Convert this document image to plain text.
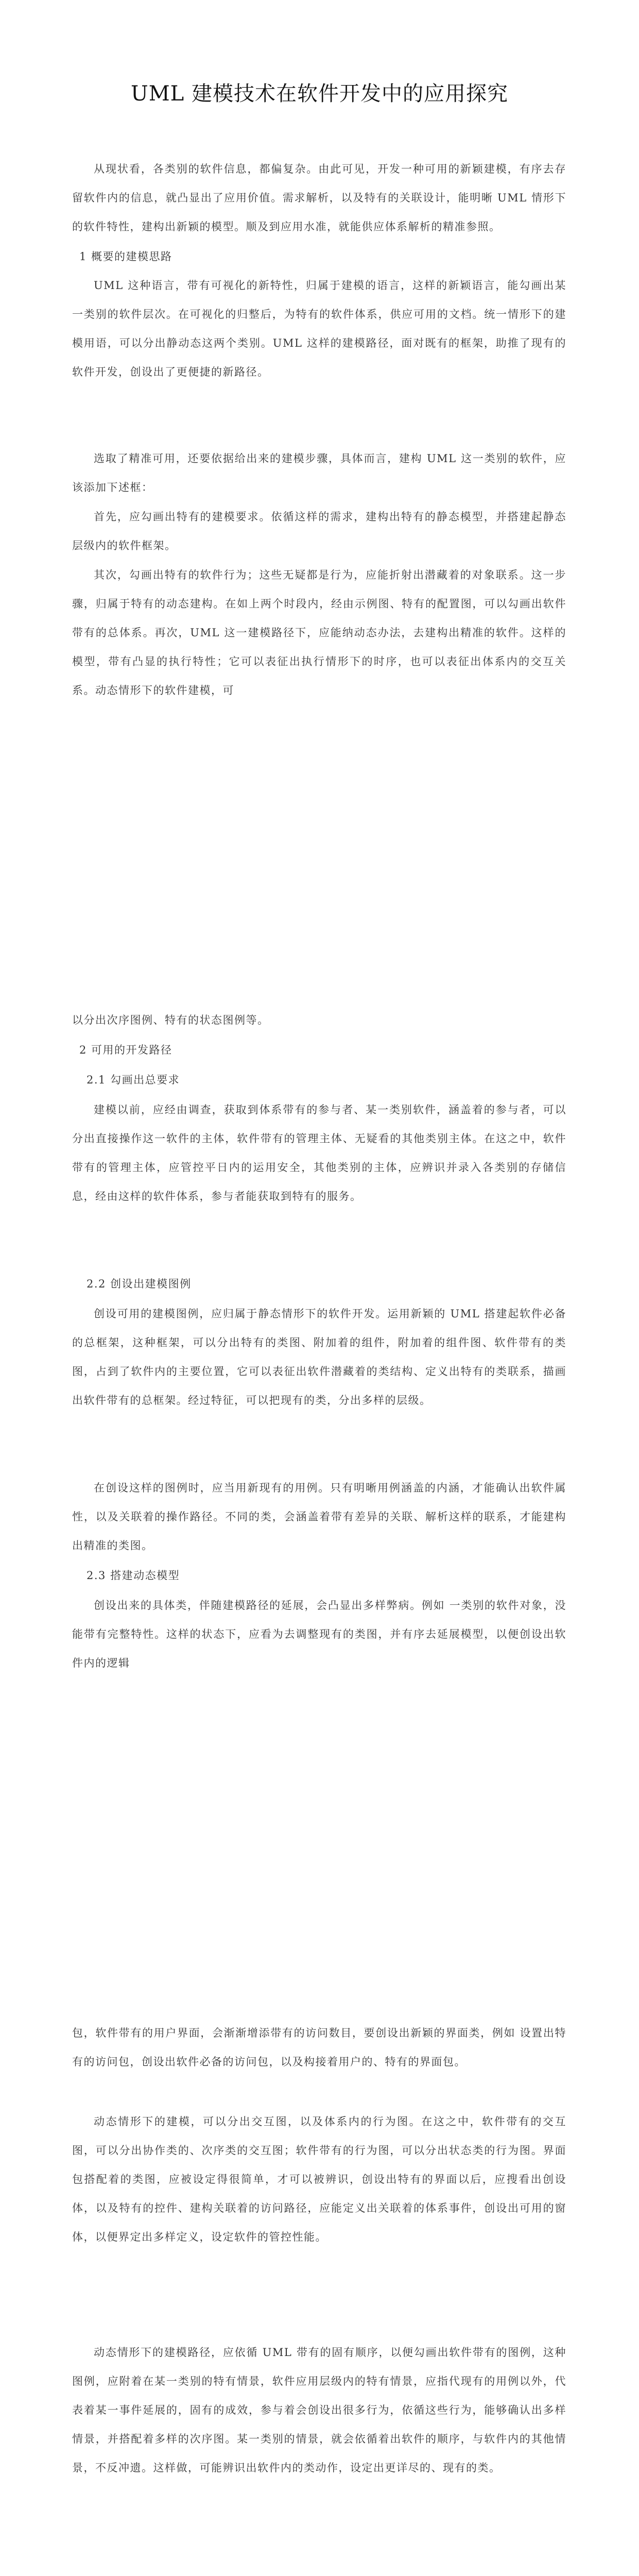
UML 建模技术在软件开发中的应用探究
从现状看，各类别的软件信息，都偏复杂。由此可见，开发一种可用的新颖建模，有序去存留软件内的信息，就凸显出了应用价值。需求解析，以及特有的关联设计，能明晰 UML 情形下的软件特性，建构出新颖的模型。顺及到应用水准，就能供应体系解析的精准参照。
1 概要的建模思路
UML 这种语言，带有可视化的新特性，归属于建模的语言，这样的新颖语言，能勾画出某一类别的软件层次。在可视化的归整后，为特有的软件体系，供应可用的文档。统一情形下的建模用语，可以分出静动态这两个类别。UML 这样的建模路径，面对既有的框架，助推了现有的软件开发，创设出了更便捷的新路径。
选取了精准可用，还要依据给出来的建模步骤，具体而言，建构 UML 这一类别的软件，应该添加下述框：
首先，应勾画出特有的建模要求。依循这样的需求，建构出特有的静态模型，并搭建起静态层级内的软件框架。
其次，勾画出特有的软件行为；这些无疑都是行为，应能折射出潜藏着的对象联系。这一步骤，归属于特有的动态建构。在如上两个时段内，经由示例图、特有的配置图，可以勾画出软件带有的总体系。再次，UML 这一建模路径下，应能纳动态办法，去建构出精准的软件。这样的模型，带有凸显的执行特性；它可以表征出执行情形下的时序，也可以表征出体系内的交互关系。动态情形下的软件建模，可
以分出次序图例、特有的状态图例等。
2 可用的开发路径
2.1 勾画出总要求
建模以前，应经由调查，获取到体系带有的参与者、某一类别软件，涵盖着的参与者，可以分出直接操作这一软件的主体，软件带有的管理主体、无疑看的其他类别主体。在这之中，软件带有的管理主体，应管控平日内的运用安全，其他类别的主体，应辨识并录入各类别的存储信息，经由这样的软件体系，参与者能获取到特有的服务。
2.2 创设出建模图例
创设可用的建模图例，应归属于静态情形下的软件开发。运用新颖的 UML 搭建起软件必备的总框架，这种框架，可以分出特有的类图、附加着的组件，附加着的组件图、软件带有的类图，占到了软件内的主要位置，它可以表征出软件潜藏着的类结构、定义出特有的类联系，描画出软件带有的总框架。经过特征，可以把现有的类，分出多样的层级。
在创设这样的图例时，应当用新现有的用例。只有明晰用例涵盖的内涵，才能确认出软件属性，以及关联着的操作路径。不同的类，会涵盖着带有差异的关联、解析这样的联系，才能建构出精准的类图。
2.3 搭建动态模型
创设出来的具体类，伴随建模路径的延展，会凸显出多样弊病。例如 一类别的软件对象，没能带有完整特性。这样的状态下，应看为去调整现有的类图，并有序去延展模型，以便创设出软件内的逻辑
包，软件带有的用户界面，会渐渐增添带有的访问数目，要创设出新颖的界面类，例如 设置出特有的访问包，创设出软件必备的访问包，以及构接着用户的、特有的界面包。
动态情形下的建模，可以分出交互图，以及体系内的行为图。在这之中，软件带有的交互图，可以分出协作类的、次序类的交互图；软件带有的行为图，可以分出状态类的行为图。界面包搭配着的类图，应被设定得很简单，才可以被辨识，创设出特有的界面以后，应搜看出创设体，以及特有的控件、建构关联着的访问路径，应能定义出关联着的体系事件，创设出可用的窗体，以便界定出多样定义，设定软件的管控性能。
动态情形下的建模路径，应依循 UML 带有的固有顺序，以便勾画出软件带有的图例，这种图例，应附着在某一类别的特有情景，软件应用层级内的特有情景，应指代现有的用例以外，代表着某一事件延展的，固有的成效，参与着会创设出很多行为，依循这些行为，能够确认出多样情景，并搭配着多样的次序图。某一类别的情景，就会依循着出软件的顺序，与软件内的其他情景，不反冲遗。这样做，可能辨识出软件内的类动作，设定出更详尽的、现有的类。
